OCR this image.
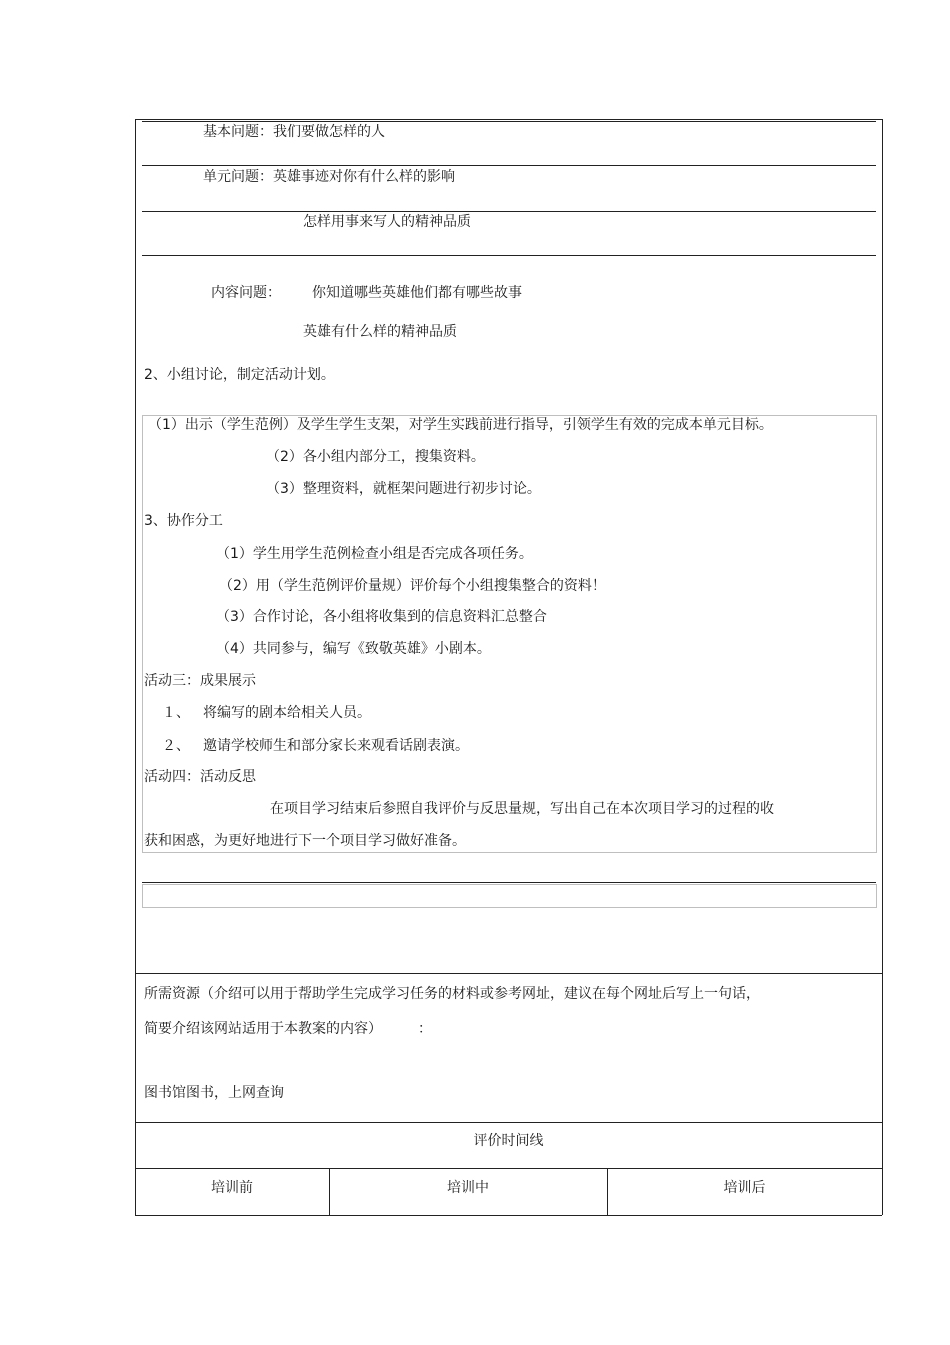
基本问题：我们要做怎样的人
单元问题：英雄事迹对你有什么样的影响
怎样用事来写人的精神品质
内容问题： 你知道哪些英雄他们都有哪些故事
英雄有什么样的精神品质
2、小组讨论，制定活动计划。
（1）出示（学生范例）及学生学生支架，对学生实践前进行指导，引领学生有效的完成本单元目标。
（2）各小组内部分工，搜集资料。
（3）整理资料，就框架问题进行初步讨论。
3、协作分工
（1）学生用学生范例检查小组是否完成各项任务。
（2）用（学生范例评价量规）评价每个小组搜集整合的资料！
（3）合作讨论，各小组将收集到的信息资料汇总整合
（4）共同参与，编写《致敬英雄》小剧本。
活动三：成果展示
１、 将编写的剧本给相关人员。
２、 邀请学校师生和部分家长来观看话剧表演。
活动四：活动反思
在项目学习结束后参照自我评价与反思量规，写出自己在本次项目学习的过程的收
获和困惑，为更好地进行下一个项目学习做好准备。
所需资源（介绍可以用于帮助学生完成学习任务的材料或参考网址，建议在每个网址后写上一句话，
简要介绍该网站适用于本教案的内容）	：
图书馆图书，上网查询
评价时间线
培训前	培训中	培训后
